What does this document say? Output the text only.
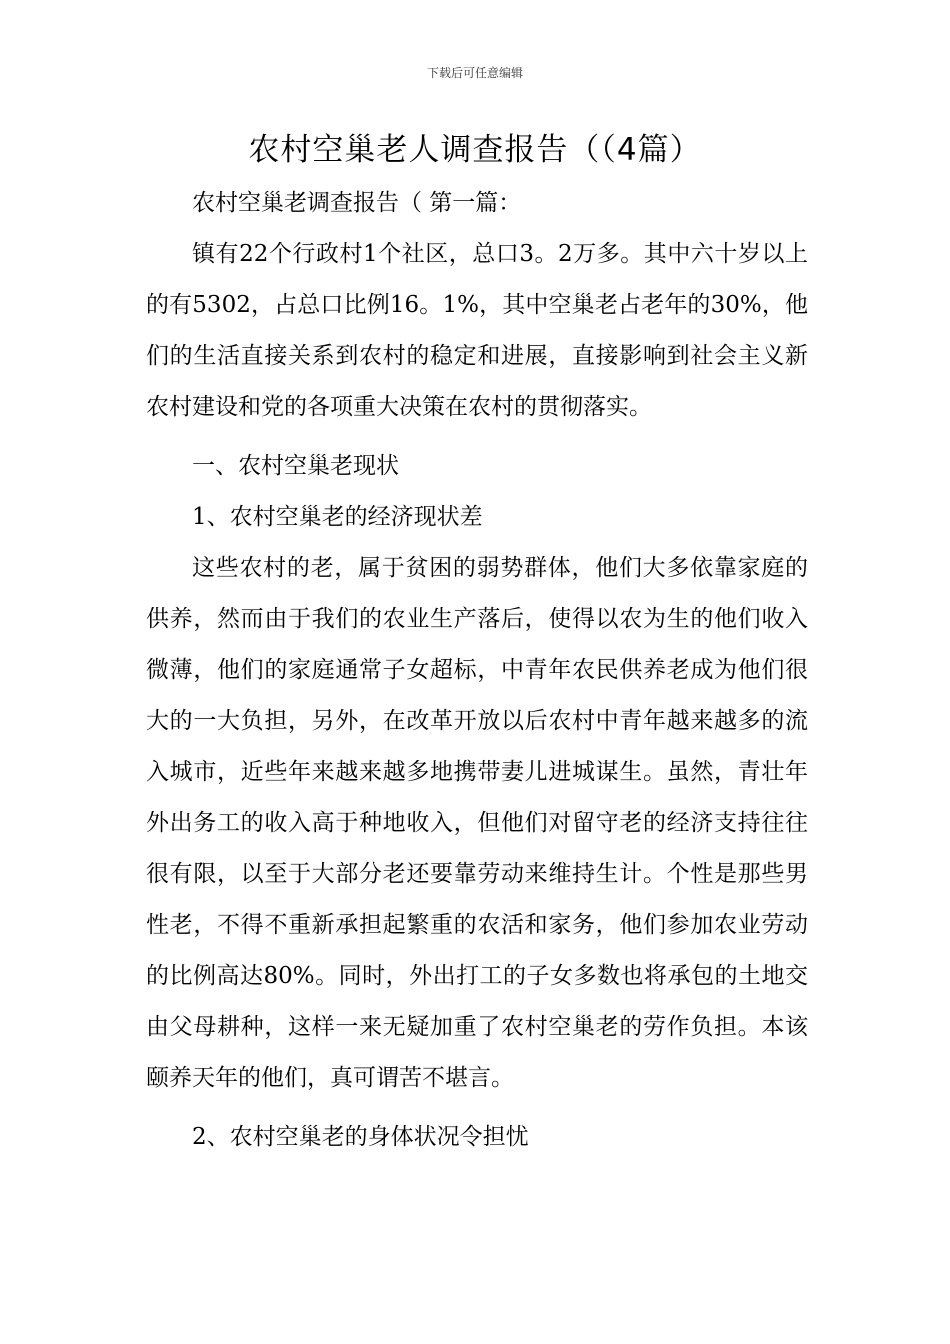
下载后可任意编辑
农村空巢老人调查报告（（4篇）

农村空巢老调查报告（ 第一篇：

镇有22个行政村1个社区，总口3。2万多。其中六十岁以上的有5302，占总口比例16。1%，其中空巢老占老年的30%，他们的生活直接关系到农村的稳定和进展，直接影响到社会主义新农村建设和党的各项重大决策在农村的贯彻落实。

一、农村空巢老现状

1、农村空巢老的经济现状差

这些农村的老，属于贫困的弱势群体，他们大多依靠家庭的供养，然而由于我们的农业生产落后，使得以农为生的他们收入微薄，他们的家庭通常子女超标，中青年农民供养老成为他们很大的一大负担，另外，在改革开放以后农村中青年越来越多的流入城市，近些年来越来越多地携带妻儿进城谋生。虽然，青壮年外出务工的收入高于种地收入，但他们对留守老的经济支持往往很有限，以至于大部分老还要靠劳动来维持生计。个性是那些男性老，不得不重新承担起繁重的农活和家务，他们参加农业劳动的比例高达80%。同时，外出打工的子女多数也将承包的土地交由父母耕种，这样一来无疑加重了农村空巢老的劳作负担。本该颐养天年的他们，真可谓苦不堪言。

2、农村空巢老的身体状况令担忧
